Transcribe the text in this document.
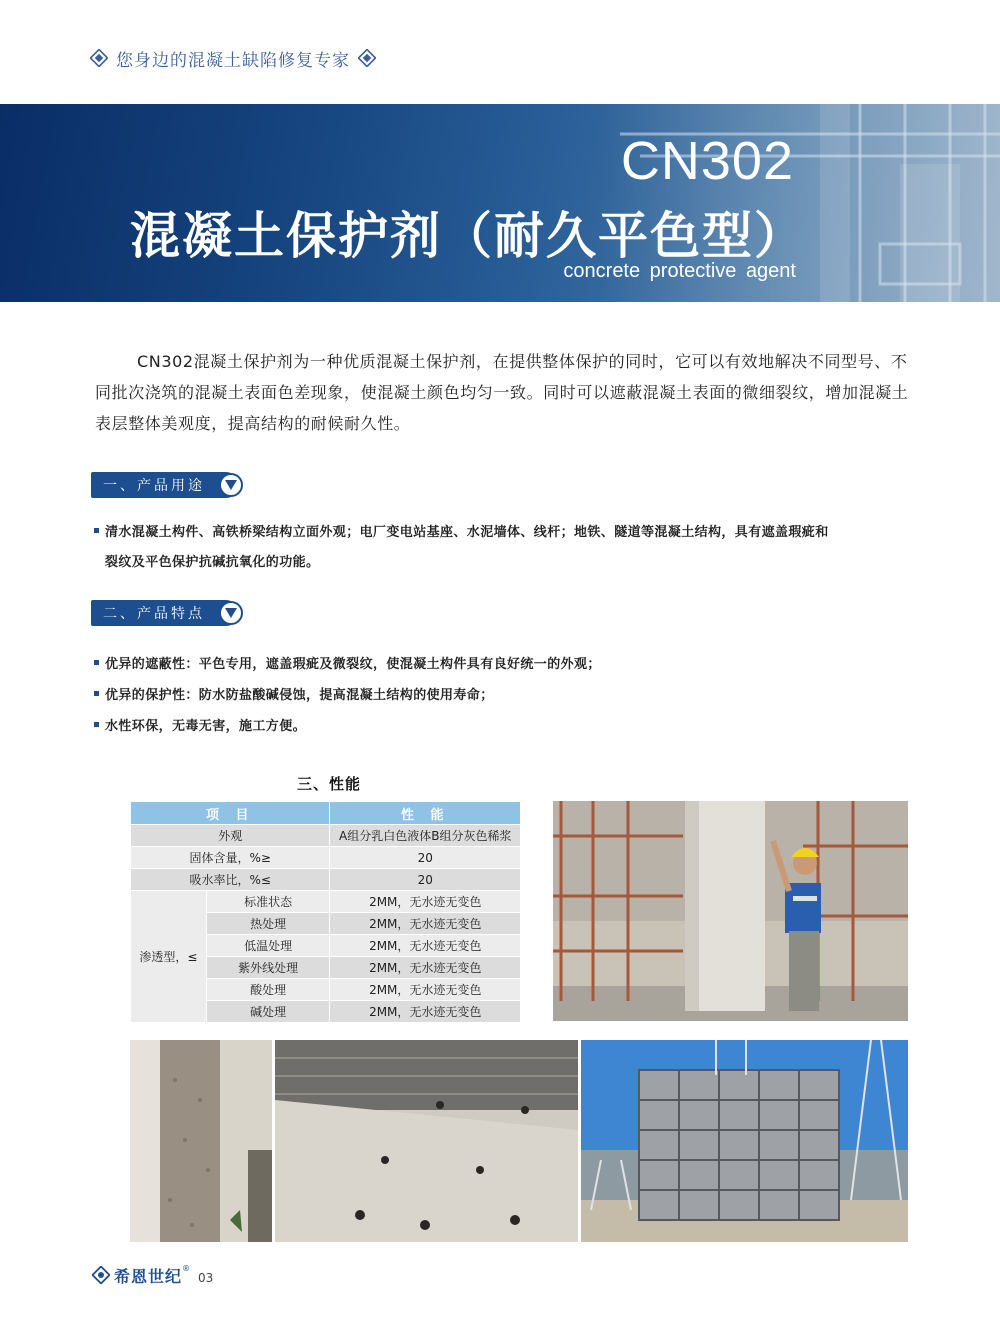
您身边的混凝土缺陷修复专家
CN302
混凝土保护剂（耐久平色型）
concrete protective agent

CN302混凝土保护剂为一种优质混凝土保护剂，在提供整体保护的同时，它可以有效地解决不同型号、不同批次浇筑的混凝土表面色差现象，使混凝土颜色均匀一致。同时可以遮蔽混凝土表面的微细裂纹，增加混凝土表层整体美观度，提高结构的耐候耐久性。

一、产品用途
清水混凝土构件、高铁桥梁结构立面外观；电厂变电站基座、水泥墙体、线杆；地铁、隧道等混凝土结构，具有遮盖瑕疵和
裂纹及平色保护抗碱抗氧化的功能。
二、产品特点
优异的遮蔽性：平色专用，遮盖瑕疵及微裂纹，使混凝土构件具有良好统一的外观；
优异的保护性：防水防盐酸碱侵蚀，提高混凝土结构的使用寿命；
水性环保，无毒无害，施工方便。
三、性能
项 目		性 能
外观		A组分乳白色液体B组分灰色稀浆
固体含量，%≥		20
吸水率比，%≤		20
渗透型，≤	标准状态	2MM，无水迹无变色
	热处理	2MM，无水迹无变色
	低温处理	2MM，无水迹无变色
	紫外线处理	2MM，无水迹无变色
	酸处理	2MM，无水迹无变色
	碱处理	2MM，无水迹无变色
希恩世纪 ®
03
